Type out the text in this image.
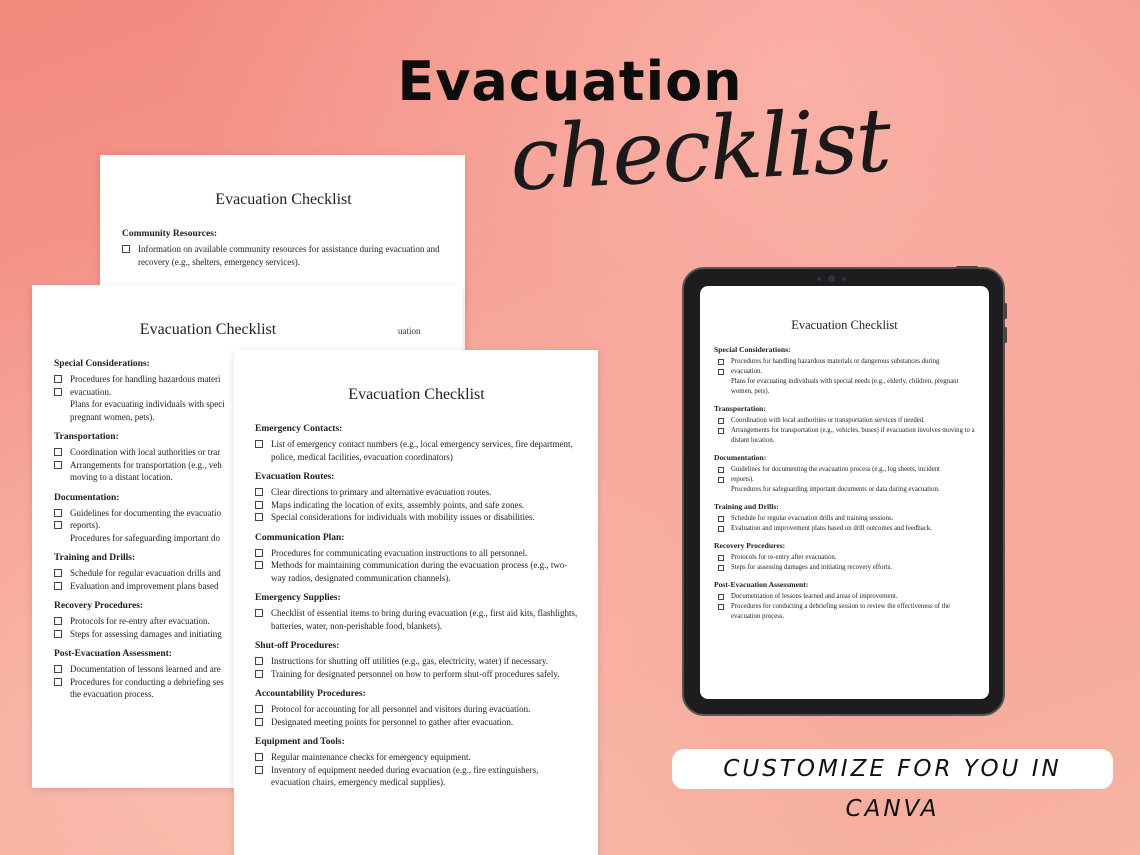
Evacuation
checklist
Evacuation Checklist
Community Resources:
Information on available community resources for assistance during evacuation and recovery (e.g., shelters, emergency services).
Evacuation Checklist
Special Considerations:
Procedures for handling hazardous materi
evacuation.
Plans for evacuating individuals with speci
pregnant women, pets).
Transportation:
Coordination with local authorities or trar
Arrangements for transportation (e.g., veh
moving to a distant location.
Documentation:
Guidelines for documenting the evacuatio
reports).
Procedures for safeguarding important do
Training and Drills:
Schedule for regular evacuation drills and
Evaluation and improvement plans based
Recovery Procedures:
Protocols for re-entry after evacuation.
Steps for assessing damages and initiating
Post-Evacuation Assessment:
Documentation of lessons learned and are
Procedures for conducting a debriefing ses
the evacuation process.
uation
Evacuation Checklist
Emergency Contacts:
List of emergency contact numbers (e.g., local emergency services, fire department, police, medical facilities, evacuation coordinators)
Evacuation Routes:
Clear directions to primary and alternative evacuation routes.
Maps indicating the location of exits, assembly points, and safe zones.
Special considerations for individuals with mobility issues or disabilities.
Communication Plan:
Procedures for communicating evacuation instructions to all personnel.
Methods for maintaining communication during the evacuation process (e.g., two-way radios, designated communication channels).
Emergency Supplies:
Checklist of essential items to bring during evacuation (e.g., first aid kits, flashlights, batteries, water, non-perishable food, blankets).
Shut-off Procedures:
Instructions for shutting off utilities (e.g., gas, electricity, water) if necessary.
Training for designated personnel on how to perform shut-off procedures safely.
Accountability Procedures:
Protocol for accounting for all personnel and visitors during evacuation.
Designated meeting points for personnel to gather after evacuation.
Equipment and Tools:
Regular maintenance checks for emergency equipment.
Inventory of equipment needed during evacuation (e.g., fire extinguishers, evacuation chairs, emergency medical supplies).
Evacuation Checklist
Special Considerations:
Procedures for handling hazardous materials or dangerous substances during
evacuation.
Plans for evacuating individuals with special needs (e.g., elderly, children, pregnant women, pets).
Transportation:
Coordination with local authorities or transportation services if needed.
Arrangements for transportation (e.g., vehicles, buses) if evacuation involves moving to a distant location.
Documentation:
Guidelines for documenting the evacuation process (e.g., log sheets, incident
reports).
Procedures for safeguarding important documents or data during evacuation.
Training and Drills:
Schedule for regular evacuation drills and training sessions.
Evaluation and improvement plans based on drill outcomes and feedback.
Recovery Procedures:
Protocols for re-entry after evacuation.
Steps for assessing damages and initiating recovery efforts.
Post-Evacuation Assessment:
Documentation of lessons learned and areas of improvement.
Procedures for conducting a debriefing session to review the effectiveness of the evacuation process.
CUSTOMIZE FOR YOU IN CANVA
